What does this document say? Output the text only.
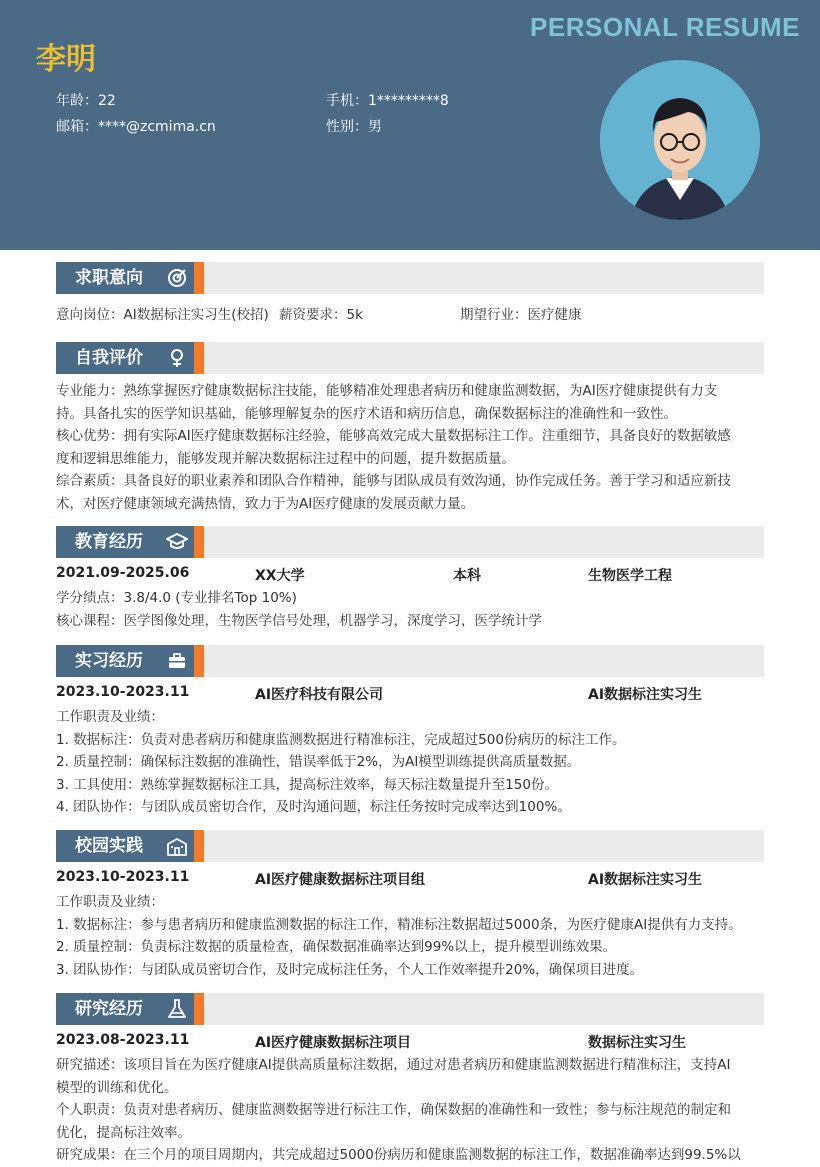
PERSONAL RESUME
李明
年龄：22	手机：1*********8
邮箱：****@zcmima.cn	性别：男
求职意向
意向岗位：AI数据标注实习生(校招) 薪资要求：5k	期望行业：医疗健康
自我评价
专业能力：熟练掌握医疗健康数据标注技能，能够精准处理患者病历和健康监测数据，为AI医疗健康提供有力支
持。具备扎实的医学知识基础，能够理解复杂的医疗术语和病历信息，确保数据标注的准确性和一致性。
核心优势：拥有实际AI医疗健康数据标注经验，能够高效完成大量数据标注工作。注重细节，具备良好的数据敏感
度和逻辑思维能力，能够发现并解决数据标注过程中的问题，提升数据质量。
综合素质：具备良好的职业素养和团队合作精神，能够与团队成员有效沟通，协作完成任务。善于学习和适应新技
术，对医疗健康领域充满热情，致力于为AI医疗健康的发展贡献力量。
教育经历
2021.09-2025.06	XX大学	本科	生物医学工程
学分绩点：3.8/4.0 (专业排名Top 10%)
核心课程：医学图像处理，生物医学信号处理，机器学习，深度学习，医学统计学
实习经历
2023.10-2023.11	AI医疗科技有限公司	AI数据标注实习生
工作职责及业绩：
1. 数据标注：负责对患者病历和健康监测数据进行精准标注，完成超过500份病历的标注工作。
2. 质量控制：确保标注数据的准确性，错误率低于2%，为AI模型训练提供高质量数据。
3. 工具使用：熟练掌握数据标注工具，提高标注效率，每天标注数量提升至150份。
4. 团队协作：与团队成员密切合作，及时沟通问题，标注任务按时完成率达到100%。
校园实践
2023.10-2023.11	AI医疗健康数据标注项目组	AI数据标注实习生
工作职责及业绩：
1. 数据标注：参与患者病历和健康监测数据的标注工作，精准标注数据超过5000条，为医疗健康AI提供有力支持。
2. 质量控制：负责标注数据的质量检查，确保数据准确率达到99%以上，提升模型训练效果。
3. 团队协作：与团队成员密切合作，及时完成标注任务，个人工作效率提升20%，确保项目进度。
研究经历
2023.08-2023.11	AI医疗健康数据标注项目	数据标注实习生
研究描述：该项目旨在为医疗健康AI提供高质量标注数据，通过对患者病历和健康监测数据进行精准标注，支持AI
模型的训练和优化。
个人职责：负责对患者病历、健康监测数据等进行标注工作，确保数据的准确性和一致性；参与标注规范的制定和
优化，提高标注效率。
研究成果：在三个月的项目周期内，共完成超过5000份病历和健康监测数据的标注工作，数据准确率达到99.5%以
